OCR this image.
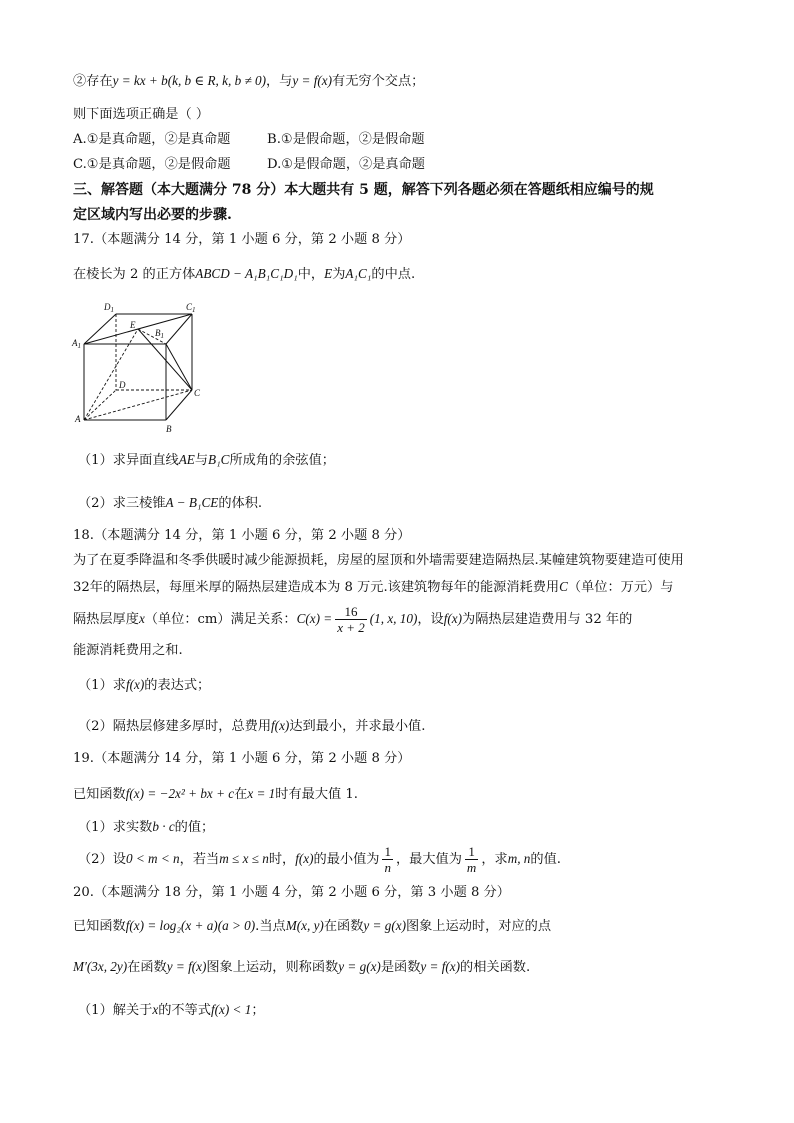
②存在y = kx + b(k, b ∈ R, k, b ≠ 0)，与y = f(x)有无穷个交点；
则下面选项正确是（ ）
A.①是真命题，②是真命题	B.①是假命题，②是假命题
C.①是真命题，②是假命题	D.①是假命题，②是真命题
三、解答题（本大题满分 78 分）本大题共有 5 题，解答下列各题必须在答题纸相应编号的规
定区域内写出必要的步骤.
17.（本题满分 14 分，第 1 小题 6 分，第 2 小题 8 分）
在棱长为 2 的正方体ABCD − A₁B₁C₁D₁中，E为A₁C₁的中点.
$D_1$	$C_1$
$A_1$
$B_1$
E
D
A
B
C
（1）求异面直线AE与B₁C所成角的余弦值；
（2）求三棱锥A − B₁CE的体积.
18.（本题满分 14 分，第 1 小题 6 分，第 2 小题 8 分）
为了在夏季降温和冬季供暖时减少能源损耗，房屋的屋顶和外墙需要建造隔热层.某幢建筑物要建造可使用
32年的隔热层，每厘米厚的隔热层建造成本为 8 万元.该建筑物每年的能源消耗费用C（单位：万元）与
隔热层厚度x（单位：cm）满足关系：$C(x) = \frac{16}{x + 2} (1$, x, 10)，设f(x)为隔热层建造费用与 32 年的
能源消耗费用之和.
（1）求f(x)的表达式；
（2）隔热层修建多厚时，总费用f(x)达到最小，并求最小值.
19.（本题满分 14 分，第 1 小题 6 分，第 2 小题 8 分）
已知函数f(x) = −2x² + bx + c在x = 1时有最大值 1.
（1）求实数b · c的值；
（2）设0 < m < n，若当m ≤ x ≤ n时，f(x)的最小值为 $\frac{1}{n}$ ，最大值为 $\frac{1}{m}$ ，求m, n的值.
20.（本题满分 18 分，第 1 小题 4 分，第 2 小题 6 分，第 3 小题 8 分）
已知函数f(x) = log₂(x + a)(a > 0).当点M(x, y)在函数y = g(x)图象上运动时，对应的点
M′(3x, 2y)在函数y = f(x)图象上运动，则称函数y = g(x)是函数y = f(x)的相关函数.
（1）解关于x的不等式f(x) < 1；
